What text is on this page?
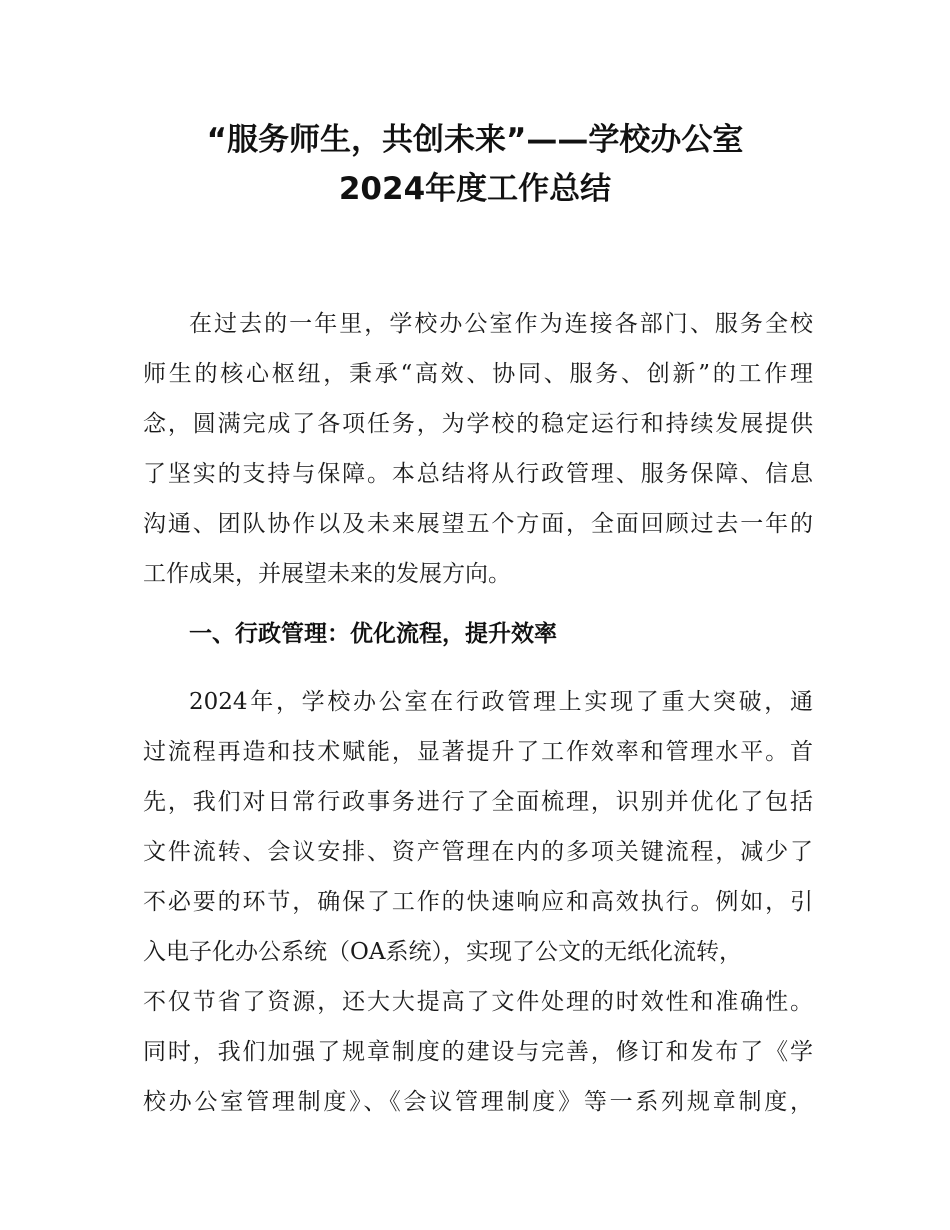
“服务师生，共创未来”——学校办公室
2024年度工作总结
在过去的一年里，学校办公室作为连接各部门、服务全校
师生的核心枢纽，秉承“高效、协同、服务、创新”的工作理
念，圆满完成了各项任务，为学校的稳定运行和持续发展提供
了坚实的支持与保障。本总结将从行政管理、服务保障、信息
沟通、团队协作以及未来展望五个方面，全面回顾过去一年的
工作成果，并展望未来的发展方向。
一、行政管理：优化流程，提升效率
2024年，学校办公室在行政管理上实现了重大突破，通
过流程再造和技术赋能，显著提升了工作效率和管理水平。首
先，我们对日常行政事务进行了全面梳理，识别并优化了包括
文件流转、会议安排、资产管理在内的多项关键流程，减少了
不必要的环节，确保了工作的快速响应和高效执行。例如，引
入电子化办公系统（OA系统），实现了公文的无纸化流转，
不仅节省了资源，还大大提高了文件处理的时效性和准确性。
同时，我们加强了规章制度的建设与完善，修订和发布了《学
校办公室管理制度》、《会议管理制度》等一系列规章制度，
